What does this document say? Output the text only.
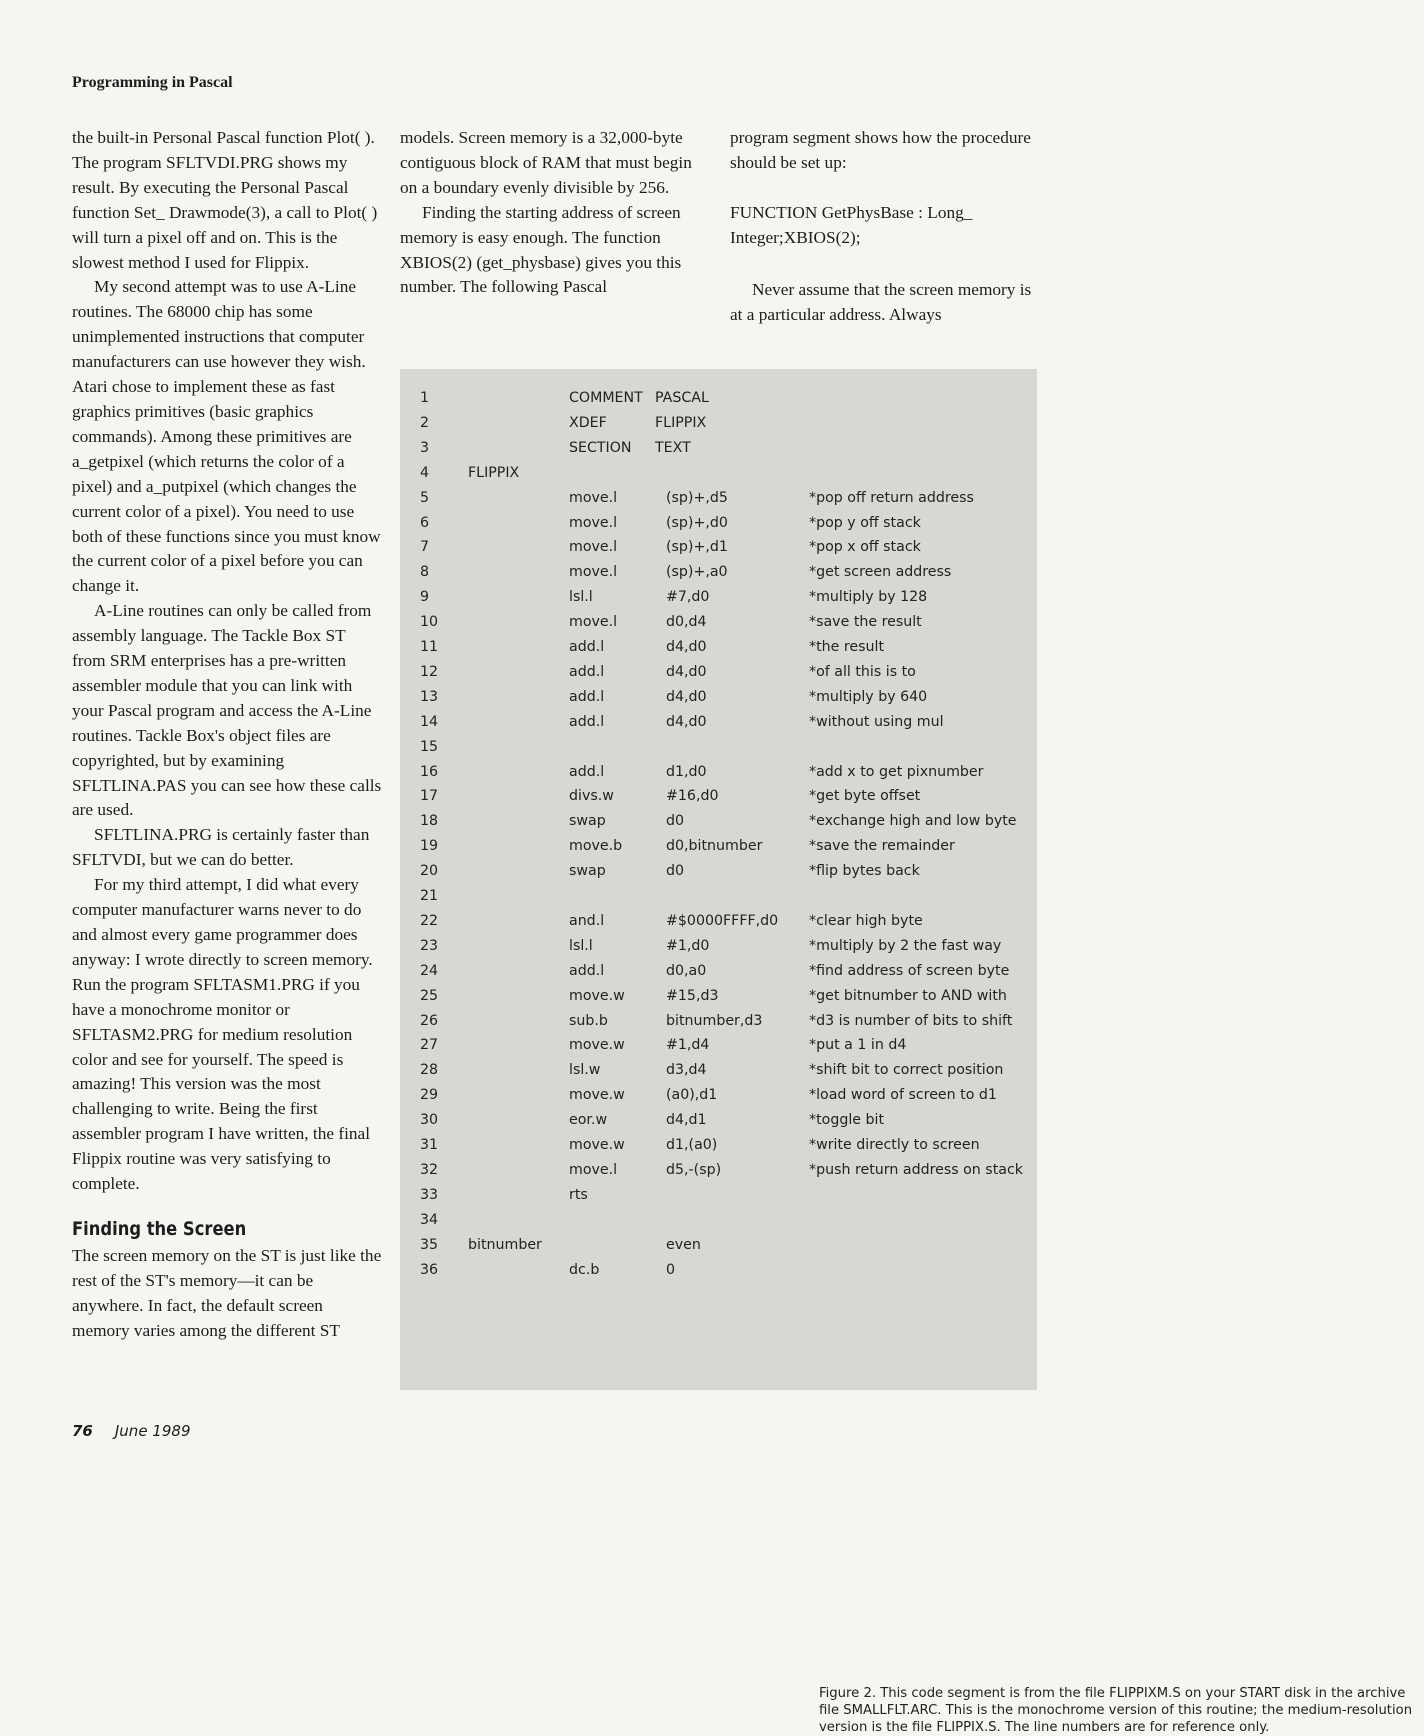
Programming in Pascal

the built-in Personal Pascal function Plot( ). The program SFLTVDI.PRG shows my result. By executing the Personal Pascal function Set_ Drawmode(3), a call to Plot( ) will turn a pixel off and on. This is the slowest method I used for Flippix.

My second attempt was to use A-Line routines. The 68000 chip has some unimplemented instructions that computer manufacturers can use however they wish. Atari chose to implement these as fast graphics primitives (basic graphics commands). Among these primitives are a_getpixel (which returns the color of a pixel) and a_putpixel (which changes the current color of a pixel). You need to use both of these functions since you must know the current color of a pixel before you can change it.

A-Line routines can only be called from assembly language. The Tackle Box ST from SRM enterprises has a pre-written assembler module that you can link with your Pascal program and access the A-Line routines. Tackle Box's object files are copyrighted, but by examining SFLTLINA.PAS you can see how these calls are used.

SFLTLINA.PRG is certainly faster than SFLTVDI, but we can do better.

For my third attempt, I did what every computer manufacturer warns never to do and almost every game programmer does anyway: I wrote directly to screen memory. Run the program SFLTASM1.PRG if you have a monochrome monitor or SFLTASM2.PRG for medium resolution color and see for yourself. The speed is amazing! This version was the most challenging to write. Being the first assembler program I have written, the final Flippix routine was very satisfying to complete.

Finding the Screen

The screen memory on the ST is just like the rest of the ST's memory—it can be anywhere. In fact, the default screen memory varies among the different ST

models. Screen memory is a 32,000-byte contiguous block of RAM that must begin on a boundary evenly divisible by 256.

Finding the starting address of screen memory is easy enough. The function XBIOS(2) (get_physbase) gives you this number. The following Pascal

program segment shows how the procedure should be set up:

FUNCTION GetPhysBase : Long_ Integer;XBIOS(2);

Never assume that the screen memory is at a particular address. Always

1	COMMENT PASCAL
2	XDEF	FLIPPIX
3	SECTION TEXT
4	FLIPPIX
5	move.l	(sp)+,d5	*pop off return address
6	move.l	(sp)+,d0	*pop y off stack
7	move.l	(sp)+,d1	*pop x off stack
8	move.l	(sp)+,a0	*get screen address
9	lsl.l	#7,d0	*multiply by 128
10	move.l	d0,d4	*save the result
11	add.l	d4,d0	*the result
12	add.l	d4,d0	*of all this is to
13	add.l	d4,d0	*multiply by 640
14	add.l	d4,d0	*without using mul
15
16	add.l	d1,d0	*add x to get pixnumber
17	divs.w	#16,d0	*get byte offset
18	swap	d0	*exchange high and low byte
19	move.b	d0,bitnumber	*save the remainder
20	swap	d0	*flip bytes back
21
22	and.l	#$0000FFFF,d0 *clear high byte
23	lsl.l	#1,d0	*multiply by 2 the fast way
24	add.l	d0,a0	*find address of screen byte
25	move.w	#15,d3	*get bitnumber to AND with
26	sub.b	bitnumber,d3	*d3 is number of bits to shift
27	move.w	#1,d4	*put a 1 in d4
28	lsl.w	d3,d4	*shift bit to correct position
29	move.w	(a0),d1	*load word of screen to d1
30	eor.w	d4,d1	*toggle bit
31	move.w	d1,(a0)	*write directly to screen
32	move.l	d5,-(sp)	*push return address on stack
33	rts
34
35 bitnumber	even
36	dc.b	0
Figure 2. This code segment is from the file FLIPPIXM.S on your START disk in the archive file SMALLFLT.ARC. This is the monochrome version of this routine; the medium-resolution version is the file FLIPPIX.S. The line numbers are for reference only.
76 June 1989
